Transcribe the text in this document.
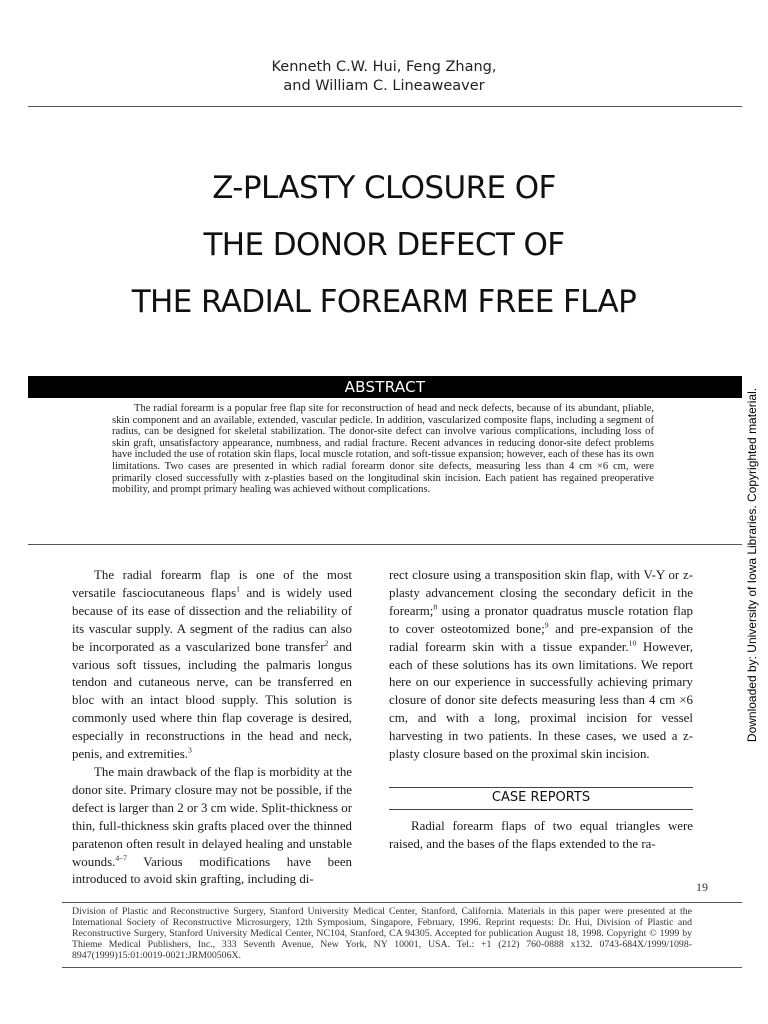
Kenneth C.W. Hui, Feng Zhang,
and William C. Lineaweaver
Z-PLASTY CLOSURE OF
THE DONOR DEFECT OF
THE RADIAL FOREARM FREE FLAP
Downloaded by: University of Iowa Libraries. Copyrighted material.
ABSTRACT

The radial forearm is a popular free flap site for reconstruction of head and neck defects, because of its abundant, pliable, skin component and an available, extended, vascular pedicle. In addition, vascularized composite flaps, including a segment of radius, can be designed for skeletal stabilization. The donor-site defect can involve various complications, including loss of skin graft, unsatisfactory appearance, numbness, and radial fracture. Recent advances in reducing donor-site defect problems have included the use of rotation skin flaps, local muscle rotation, and soft-tissue expansion; however, each of these has its own limitations. Two cases are presented in which radial forearm donor site defects, measuring less than 4 cm ×6 cm, were primarily closed successfully with z-plasties based on the longitudinal skin incision. Each patient has regained preoperative mobility, and prompt primary healing was achieved without complications.

The radial forearm flap is one of the most versatile fasciocutaneous flaps$^1$ and is widely used because of its ease of dissection and the reliability of its vascular supply. A segment of the radius can also be incorporated as a vascularized bone transfer$^2$ and various soft tissues, including the palmaris longus tendon and cutaneous nerve, can be transferred en bloc with an intact blood supply. This solution is commonly used where thin flap coverage is desired, especially in reconstructions in the head and neck, penis, and extremities.$^3$

The main drawback of the flap is morbidity at the donor site. Primary closure may not be possible, if the defect is larger than 2 or 3 cm wide. Split-thickness or thin, full-thickness skin grafts placed over the thinned paratenon often result in delayed healing and unstable wounds.$^{4-7}$ Various modifications have been introduced to avoid skin grafting, including di-

rect closure using a transposition skin flap, with V-Y or z-plasty advancement closing the secondary deficit in the forearm;$^8$ using a pronator quadratus muscle rotation flap to cover osteotomized bone;$^9$ and pre-expansion of the radial forearm skin with a tissue expander.$^{10}$ However, each of these solutions has its own limitations. We report here on our experience in successfully achieving primary closure of donor site defects measuring less than 4 cm ×6 cm, and with a long, proximal incision for vessel harvesting in two patients. In these cases, we used a z-plasty closure based on the proximal skin incision.

CASE REPORTS

Radial forearm flaps of two equal triangles were raised, and the bases of the flaps extended to the ra-

19
Division of Plastic and Reconstructive Surgery, Stanford University Medical Center, Stanford, California. Materials in this paper were presented at the International Society of Reconstructive Microsurgery, 12th Symposium, Singapore, February, 1996. Reprint requests: Dr. Hui, Division of Plastic and Reconstructive Surgery, Stanford University Medical Center, NC104, Stanford, CA 94305. Accepted for publication August 18, 1998. Copyright © 1999 by Thieme Medical Publishers, Inc., 333 Seventh Avenue, New York, NY 10001, USA. Tel.: +1 (212) 760-0888 x132. 0743-684X/1999/1098-8947(1999)15:01:0019-0021:JRM00506X.
